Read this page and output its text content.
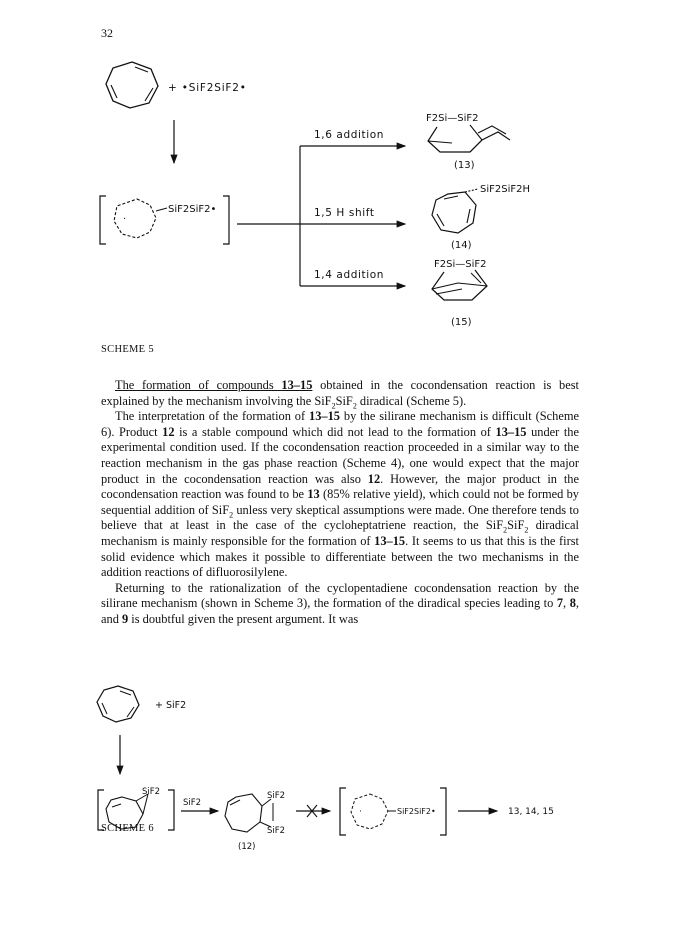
32
+ •SiF2SiF2•
·
SiF2SiF2•
1,6 addition
1,5 H shift
1,4 addition
F2Si—SiF2
(13)
SiF2SiF2H
(14)
F2Si—SiF2
(15)
SCHEME 5

The formation of compounds 13–15 obtained in the cocondensation reaction is best explained by the mechanism involving the SiF$_2$SiF$_2$ diradical (Scheme 5).

The interpretation of the formation of 13–15 by the silirane mechanism is difficult (Scheme 6). Product 12 is a stable compound which did not lead to the formation of 13–15 under the experimental condition used. If the cocondensation reaction proceeded in a similar way to the reaction mechanism in the gas phase reaction (Scheme 4), one would expect that the major product in the cocondensation reaction was also 12. However, the major product in the cocondensation reaction was found to be 13 (85% relative yield), which could not be formed by sequential addition of SiF$_2$ unless very skeptical assumptions were made. One therefore tends to believe that at least in the case of the cycloheptatriene reaction, the SiF$_2$SiF$_2$ diradical mechanism is mainly responsible for the formation of 13–15. It seems to us that this is the first solid evidence which makes it possible to differentiate between the two mechanisms in the addition reactions of difluorosilylene.

Returning to the rationalization of the cyclopentadiene cocondensation reaction by the silirane mechanism (shown in Scheme 3), the formation of the diradical species leading to 7, 8, and 9 is doubtful given the present argument. It was

+ SiF2
SiF2
SiF2
SiF2
SiF2
(12)
·	SiF2SiF2•	13, 14, 15
SCHEME 6
